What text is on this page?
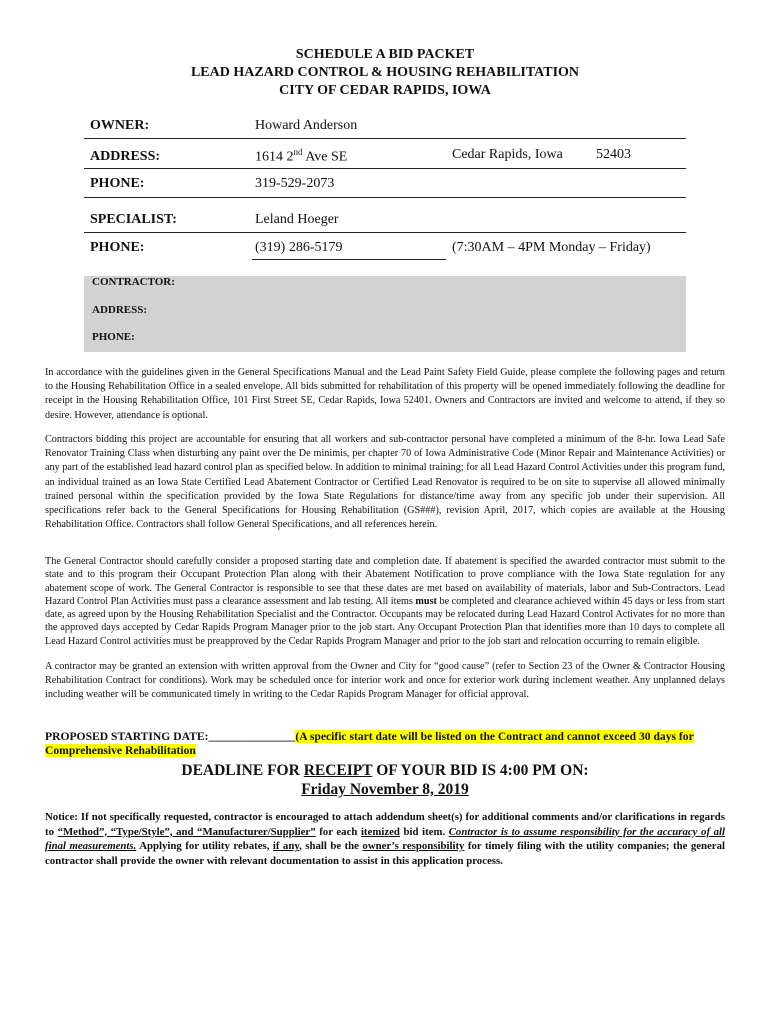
SCHEDULE A BID PACKET
LEAD HAZARD CONTROL & HOUSING REHABILITATION
CITY OF CEDAR RAPIDS, IOWA
OWNER:	Howard Anderson
ADDRESS:	1614 2nd Ave SE	Cedar Rapids, Iowa 52403
PHONE:	319-529-2073
SPECIALIST:	Leland Hoeger
PHONE:	(319) 286-5179	(7:30AM – 4PM Monday – Friday)
CONTRACTOR:
ADDRESS:
PHONE:
In accordance with the guidelines given in the General Specifications Manual and the Lead Paint Safety Field Guide, please complete the following pages and return to the Housing Rehabilitation Office in a sealed envelope. All bids submitted for rehabilitation of this property will be opened immediately following the deadline for receipt in the Housing Rehabilitation Office, 101 First Street SE, Cedar Rapids, Iowa 52401. Owners and Contractors are invited and welcome to attend, if they so desire. However, attendance is optional.
Contractors bidding this project are accountable for ensuring that all workers and sub-contractor personal have completed a minimum of the 8-hr. Iowa Lead Safe Renovator Training Class when disturbing any paint over the De minimis, per chapter 70 of Iowa Administrative Code (Minor Repair and Maintenance Activities) or any part of the established lead hazard control plan as specified below. In addition to minimal training; for all Lead Hazard Control Activities under this program fund, an individual trained as an Iowa State Certified Lead Abatement Contractor or Certified Lead Renovator is required to be on site to supervise all allowed minimally trained personal within the specification provided by the Iowa State Regulations for distance/time away from any specific job under their supervision. All specifications refer back to the General Specifications for Housing Rehabilitation (GS###), revision April, 2017, which copies are available at the Housing Rehabilitation Office. Contractors shall follow General Specifications, and all references herein.
The General Contractor should carefully consider a proposed starting date and completion date. If abatement is specified the awarded contractor must submit to the state and to this program their Occupant Protection Plan along with their Abatement Notification to prove compliance with the Iowa State regulation for any abatement scope of work. The General Contractor is responsible to see that these dates are met based on availability of materials, labor and Sub-Contractors. Lead Hazard Control Plan Activities must pass a clearance assessment and lab testing. All items must be completed and clearance achieved within 45 days or less from start date, as agreed upon by the Housing Rehabilitation Specialist and the Contractor. Occupants may be relocated during Lead Hazard Control Activates for no more than the approved days accepted by Cedar Rapids Program Manager prior to the job start. Any Occupant Protection Plan that identifies more than 10 days to complete all Lead Hazard Control activities must be preapproved by the Cedar Rapids Program Manager and prior to the job start and relocation occurring to remain eligible.
A contractor may be granted an extension with written approval from the Owner and City for “good cause” (refer to Section 23 of the Owner & Contractor Housing Rehabilitation Contract for conditions). Work may be scheduled once for interior work and once for exterior work during inclement weather. Any unplanned delays including weather will be communicated timely in writing to the Cedar Rapids Program Manager for official approval.
PROPOSED STARTING DATE:_______________(A specific start date will be listed on the Contract and cannot exceed 30 days for Comprehensive Rehabilitation
DEADLINE FOR RECEIPT OF YOUR BID IS 4:00 PM ON:
Friday November 8, 2019
Notice: If not specifically requested, contractor is encouraged to attach addendum sheet(s) for additional comments and/or clarifications in regards to “Method”, “Type/Style”, and “Manufacturer/Supplier” for each itemized bid item. Contractor is to assume responsibility for the accuracy of all final measurements. Applying for utility rebates, if any, shall be the owner’s responsibility for timely filing with the utility companies; the general contractor shall provide the owner with relevant documentation to assist in this application process.
